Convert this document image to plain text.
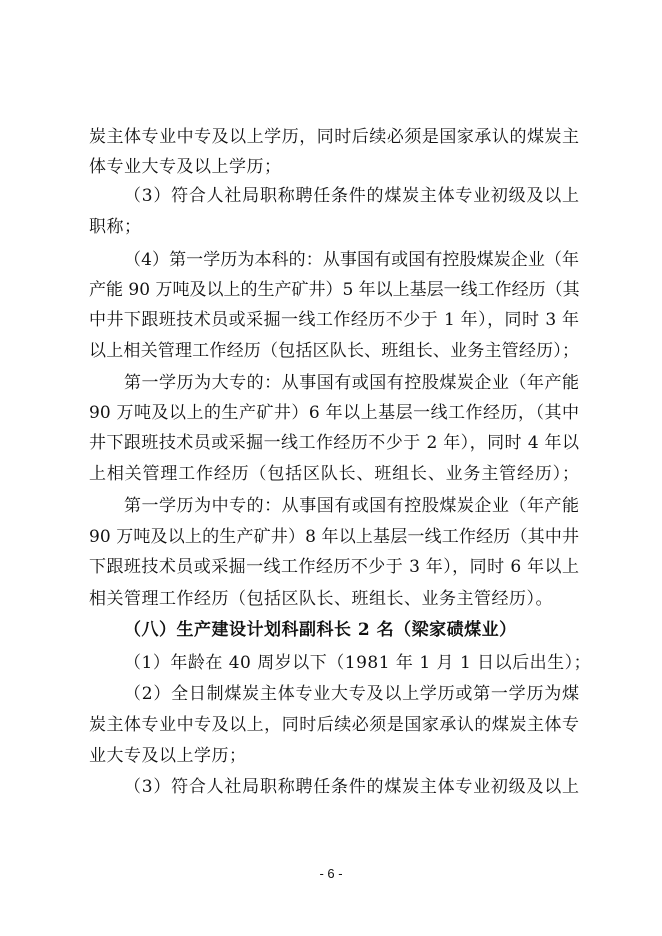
炭主体专业中专及以上学历，同时后续必须是国家承认的煤炭主
体专业大专及以上学历；
（3）符合人社局职称聘任条件的煤炭主体专业初级及以上
职称；
（4）第一学历为本科的：从事国有或国有控股煤炭企业（年
产能 90 万吨及以上的生产矿井）5 年以上基层一线工作经历（其
中井下跟班技术员或采掘一线工作经历不少于 1 年），同时 3 年
以上相关管理工作经历（包括区队长、班组长、业务主管经历）；
第一学历为大专的：从事国有或国有控股煤炭企业（年产能
90 万吨及以上的生产矿井）6 年以上基层一线工作经历，（其中
井下跟班技术员或采掘一线工作经历不少于 2 年），同时 4 年以
上相关管理工作经历（包括区队长、班组长、业务主管经历）；
第一学历为中专的：从事国有或国有控股煤炭企业（年产能
90 万吨及以上的生产矿井）8 年以上基层一线工作经历（其中井
下跟班技术员或采掘一线工作经历不少于 3 年），同时 6 年以上
相关管理工作经历（包括区队长、班组长、业务主管经历）。
（八）生产建设计划科副科长 2 名（梁家碛煤业）
（1）年龄在 40 周岁以下（1981 年 1 月 1 日以后出生）；
（2）全日制煤炭主体专业大专及以上学历或第一学历为煤
炭主体专业中专及以上，同时后续必须是国家承认的煤炭主体专
业大专及以上学历；
（3）符合人社局职称聘任条件的煤炭主体专业初级及以上
- 6 -
